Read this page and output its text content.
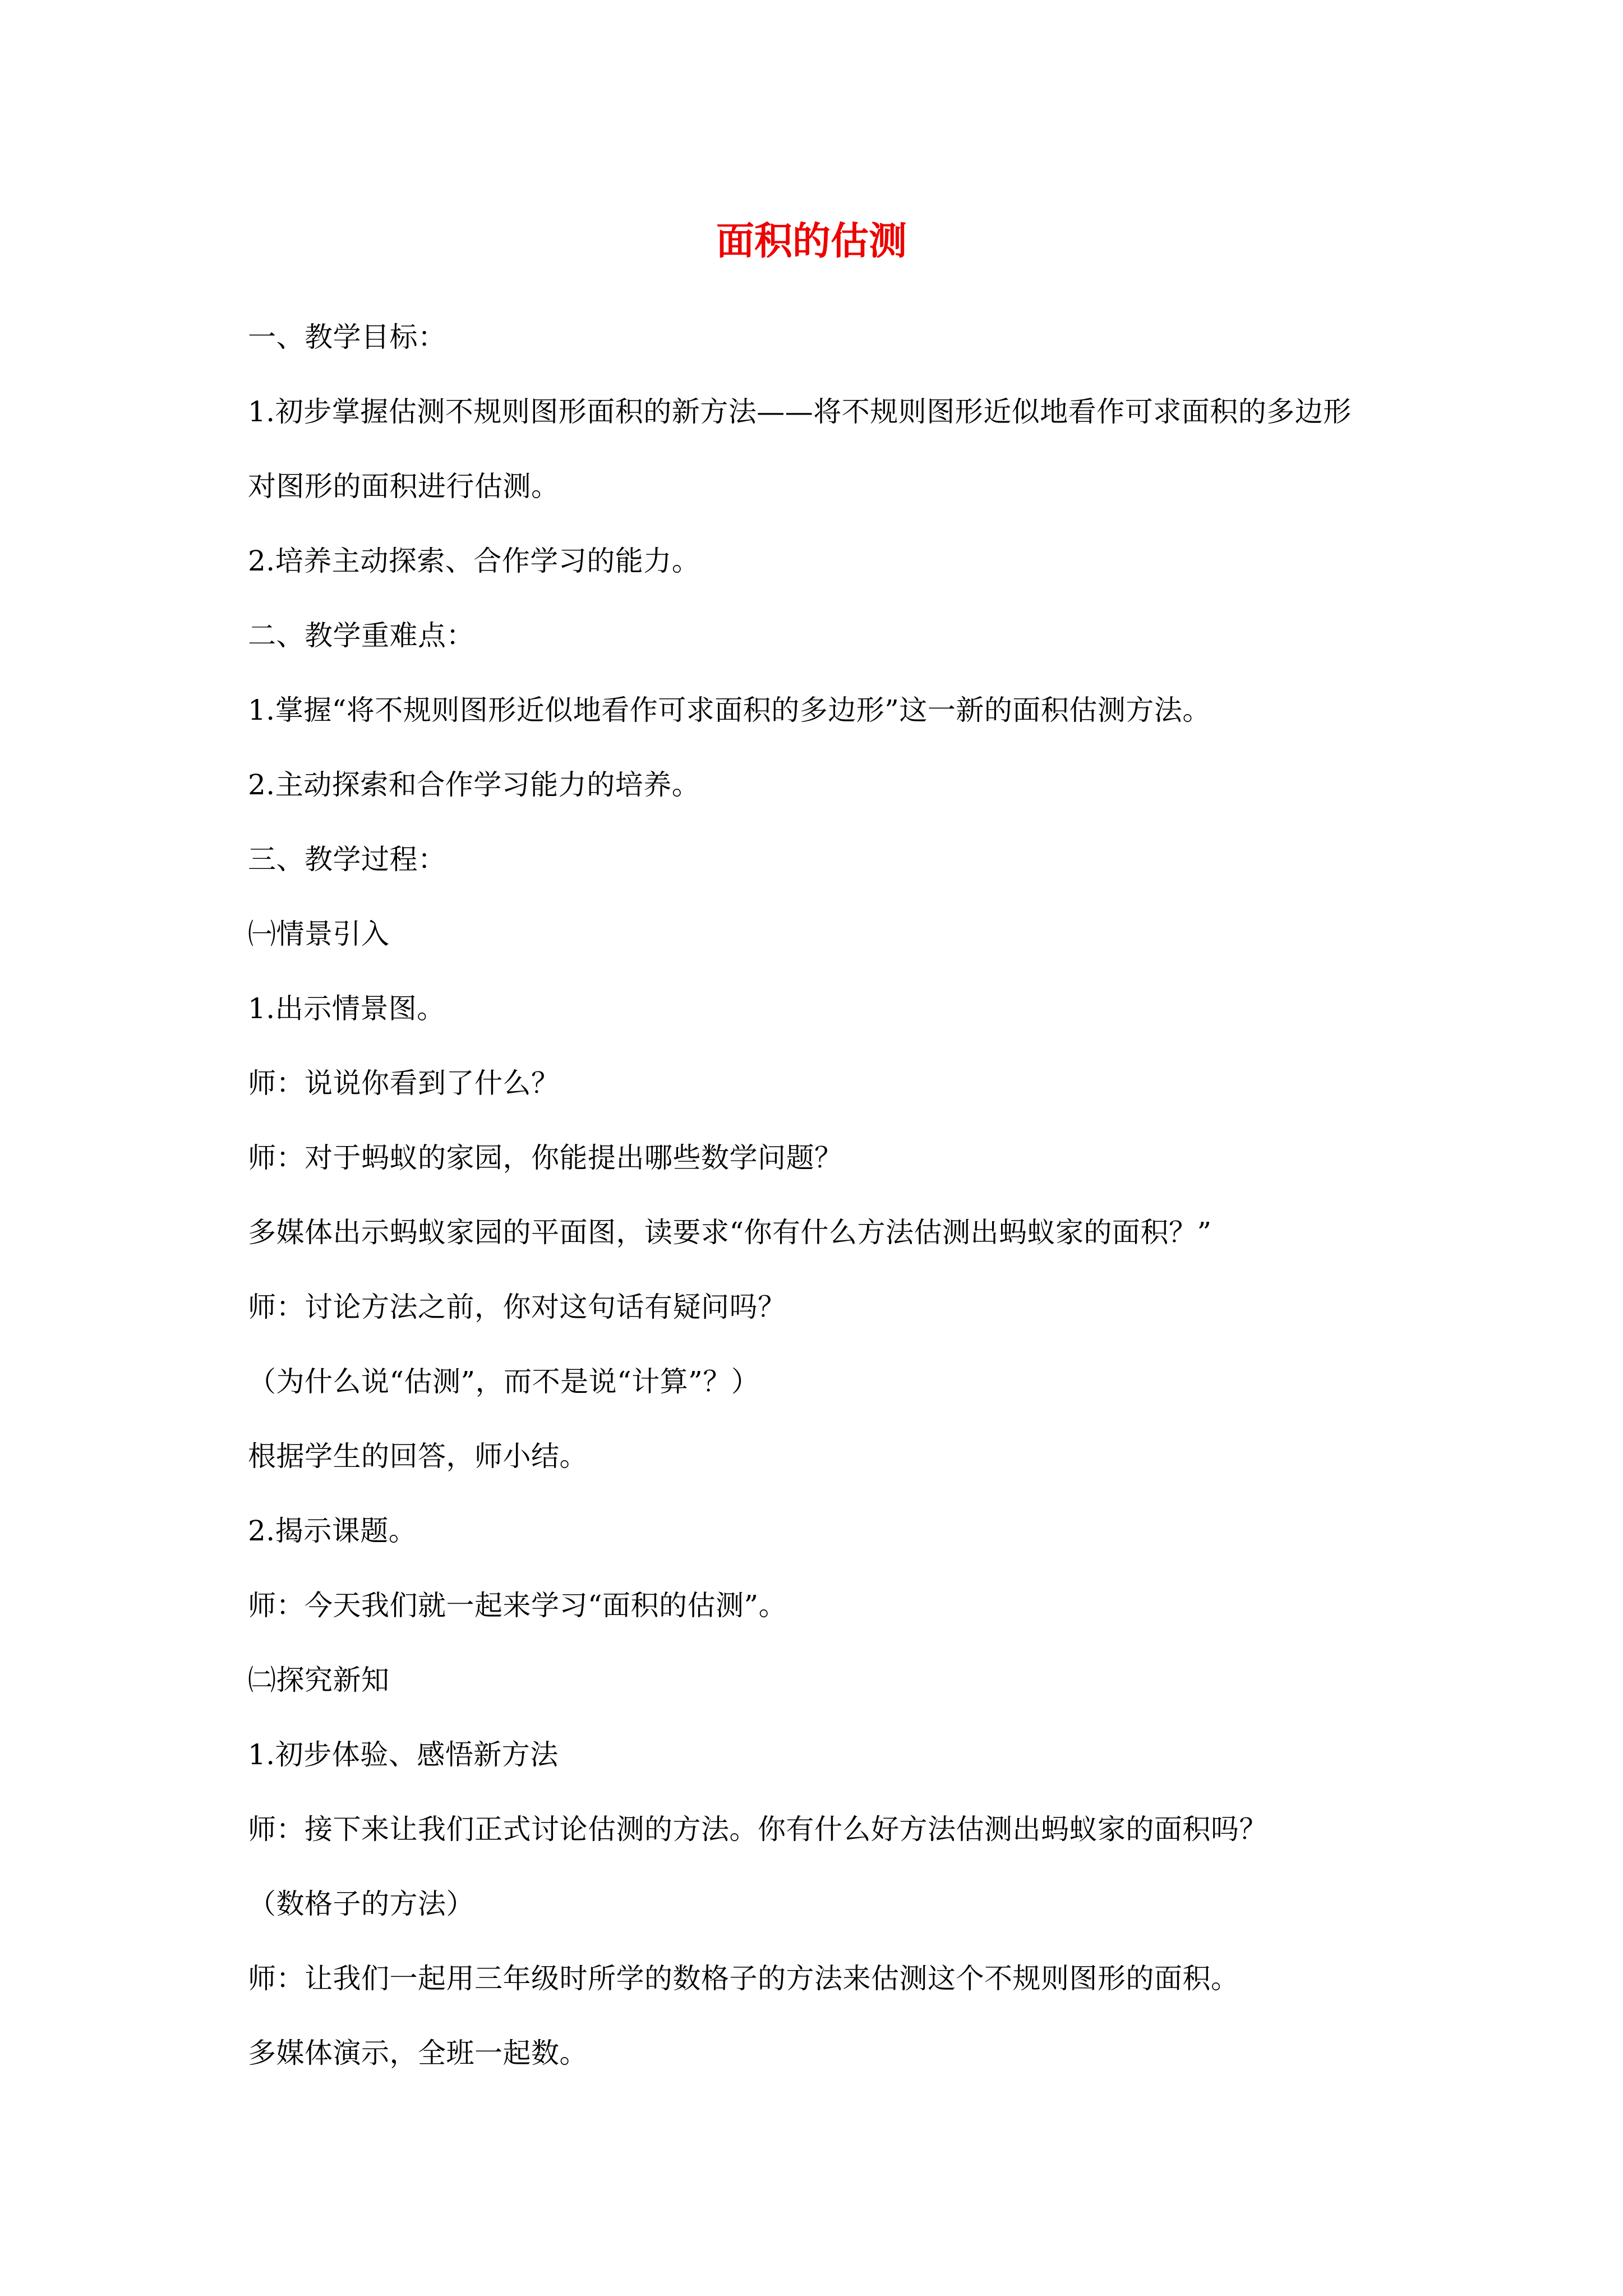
面积的估测

一、教学目标：

1.初步掌握估测不规则图形面积的新方法——将不规则图形近似地看作可求面积的多边形

对图形的面积进行估测。

2.培养主动探索、合作学习的能力。

二、教学重难点：

1.掌握“将不规则图形近似地看作可求面积的多边形”这一新的面积估测方法。

2.主动探索和合作学习能力的培养。

三、教学过程：

㈠情景引入

1.出示情景图。

师：说说你看到了什么？

师：对于蚂蚁的家园，你能提出哪些数学问题？

多媒体出示蚂蚁家园的平面图，读要求“你有什么方法估测出蚂蚁家的面积？”

师：讨论方法之前，你对这句话有疑问吗？

（为什么说“估测”，而不是说“计算”？）

根据学生的回答，师小结。

2.揭示课题。

师：今天我们就一起来学习“面积的估测”。

㈡探究新知

1.初步体验、感悟新方法

师：接下来让我们正式讨论估测的方法。你有什么好方法估测出蚂蚁家的面积吗？

（数格子的方法）

师：让我们一起用三年级时所学的数格子的方法来估测这个不规则图形的面积。

多媒体演示，全班一起数。
